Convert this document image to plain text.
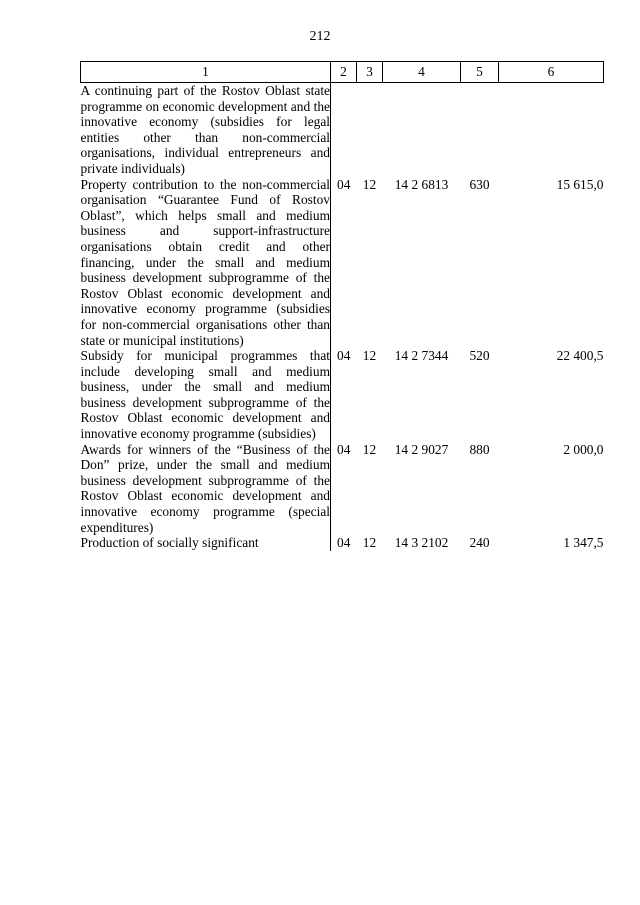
212
1	2	3	4	5	6
A continuing part of the Rostov Oblast state programme on economic development and the innovative economy (subsidies for legal entities other than non-commercial organisations, individual entrepreneurs and private individuals)					
Property contribution to the non-commercial organisation “Guarantee Fund of Rostov Oblast”, which helps small and medium business and support-infrastructure organisations obtain credit and other financing, under the small and medium business development subprogramme of the Rostov Oblast economic development and innovative economy programme (subsidies for non-commercial organisations other than state or municipal institutions)	04	12	14 2 6813	630	15 615,0
Subsidy for municipal programmes that include developing small and medium business, under the small and medium business development subprogramme of the Rostov Oblast economic development and innovative economy programme (subsidies)	04	12	14 2 7344	520	22 400,5
Awards for winners of the “Business of the Don” prize, under the small and medium business development subprogramme of the Rostov Oblast economic development and innovative economy programme (special expenditures)	04	12	14 2 9027	880	2 000,0
Production of socially significant	04	12	14 3 2102	240	1 347,5
